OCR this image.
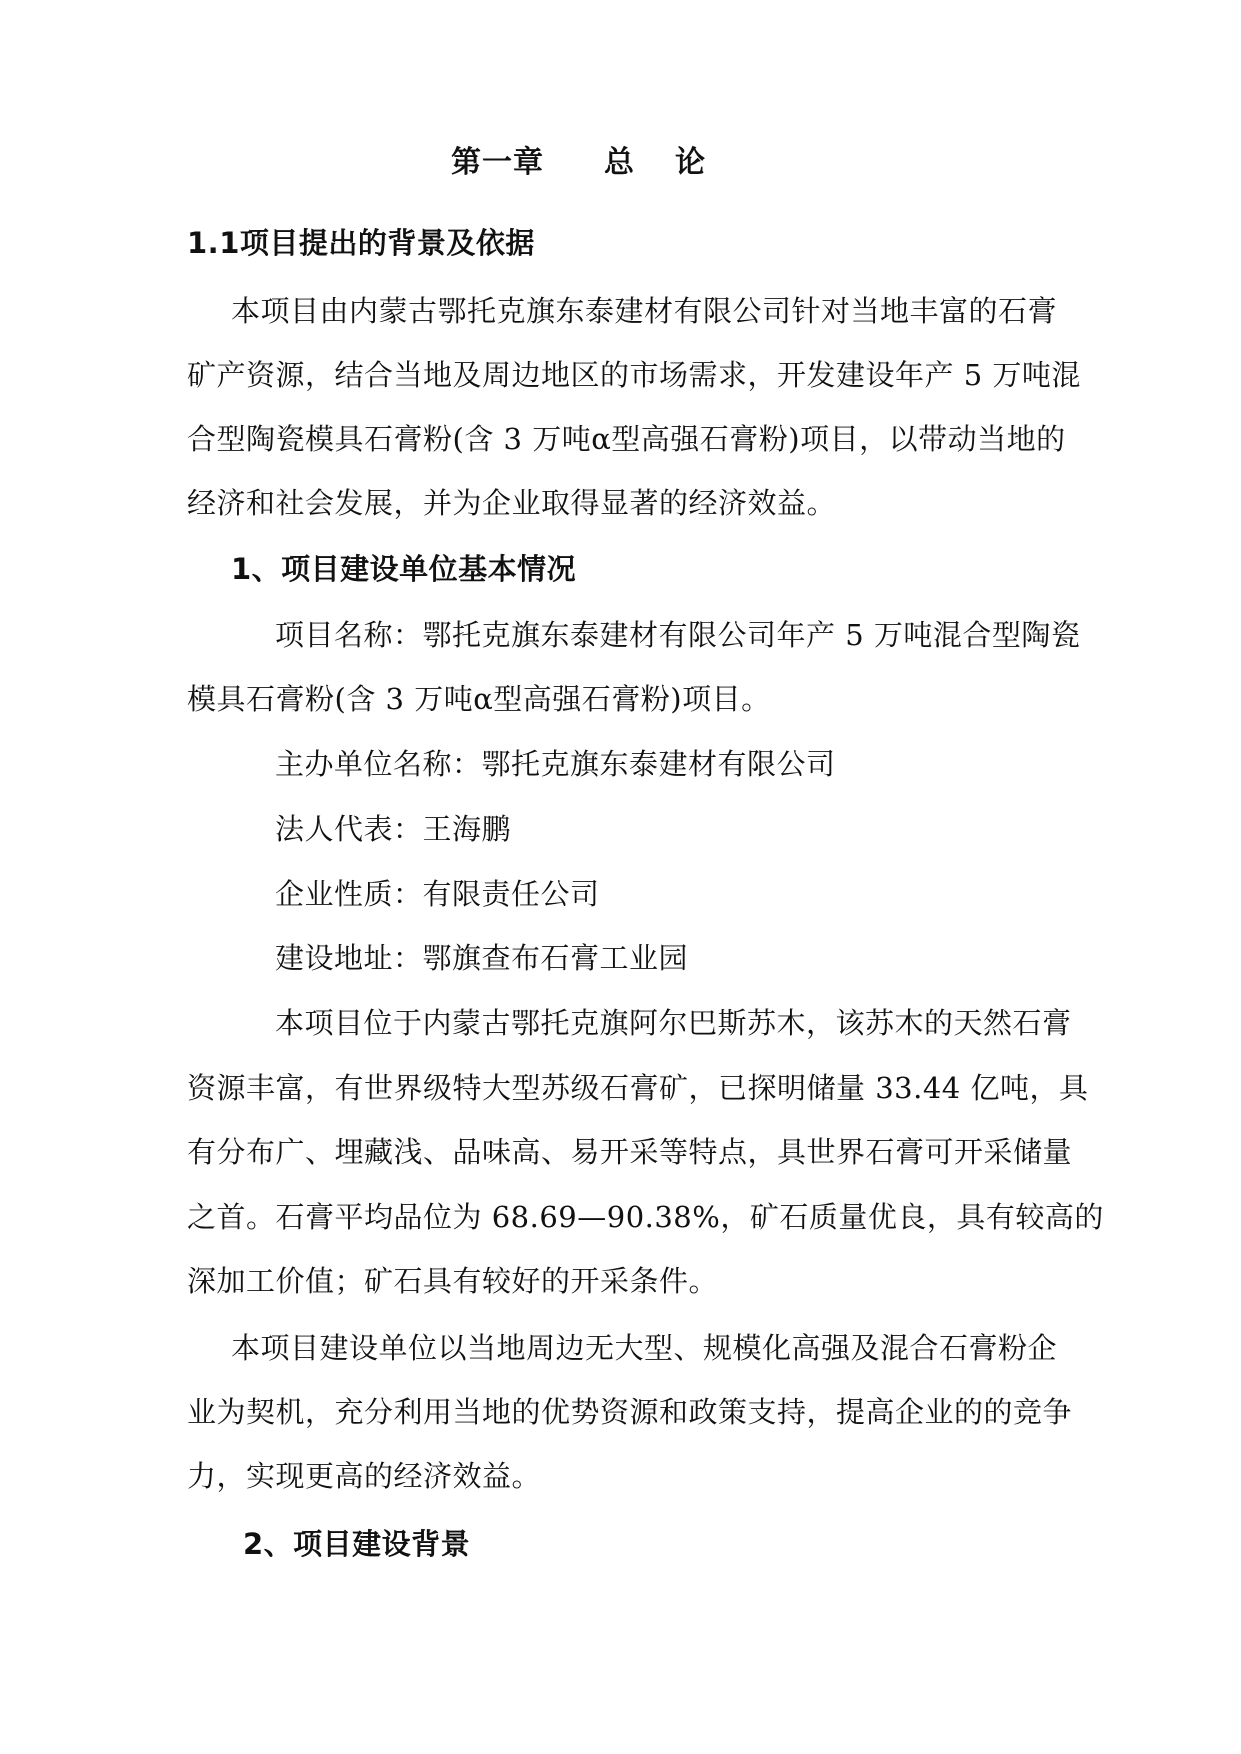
第一章 总 论
1.1项目提出的背景及依据
本项目由内蒙古鄂托克旗东泰建材有限公司针对当地丰富的石膏
矿产资源，结合当地及周边地区的市场需求，开发建设年产 5 万吨混
合型陶瓷模具石膏粉(含 3 万吨α型高强石膏粉)项目，以带动当地的
经济和社会发展，并为企业取得显著的经济效益。
1、项目建设单位基本情况
项目名称：鄂托克旗东泰建材有限公司年产 5 万吨混合型陶瓷
模具石膏粉(含 3 万吨α型高强石膏粉)项目。
主办单位名称：鄂托克旗东泰建材有限公司
法人代表：王海鹏
企业性质：有限责任公司
建设地址：鄂旗查布石膏工业园
本项目位于内蒙古鄂托克旗阿尔巴斯苏木，该苏木的天然石膏
资源丰富，有世界级特大型苏级石膏矿，已探明储量 33.44 亿吨，具
有分布广、埋藏浅、品味高、易开采等特点，具世界石膏可开采储量
之首。石膏平均品位为 68.69—90.38%，矿石质量优良，具有较高的
深加工价值；矿石具有较好的开采条件。
本项目建设单位以当地周边无大型、规模化高强及混合石膏粉企
业为契机，充分利用当地的优势资源和政策支持，提高企业的的竞争
力，实现更高的经济效益。
2、项目建设背景
